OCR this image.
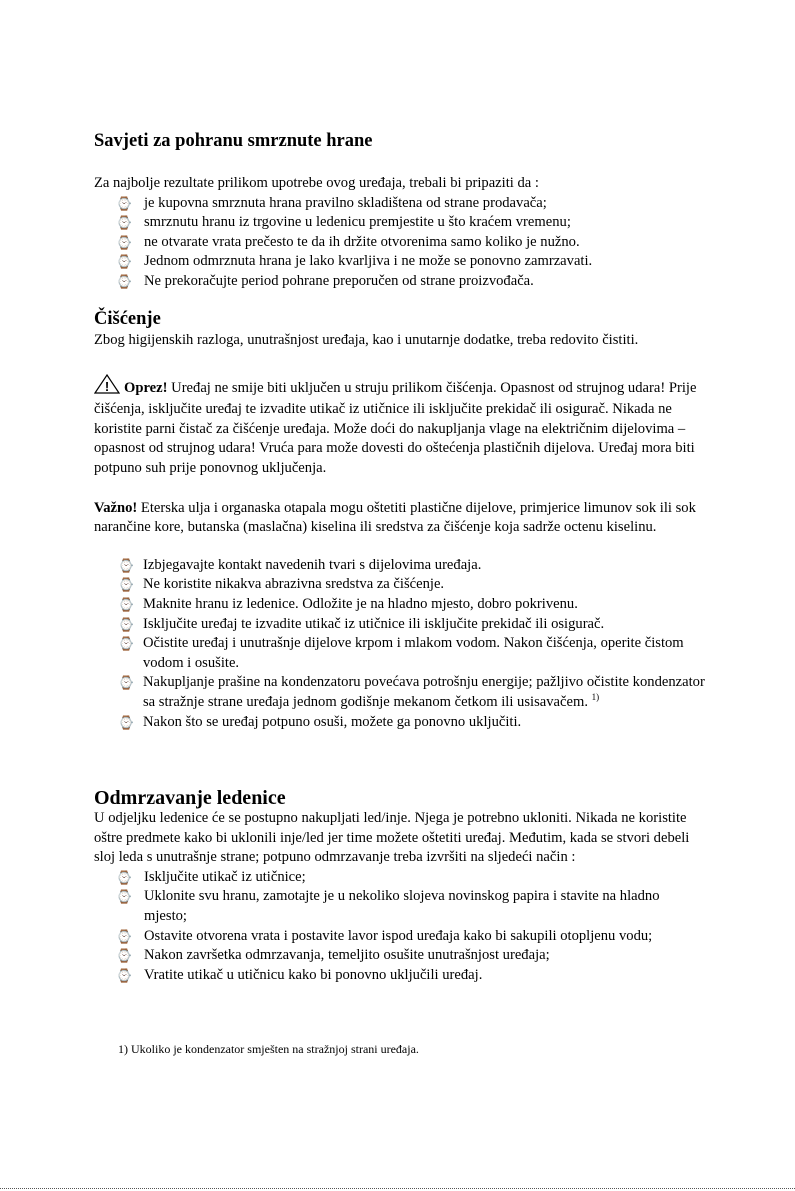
Savjeti za pohranu smrznute hrane

Za najbolje rezultate prilikom upotrebe ovog uređaja, trebali bi pripaziti da :

⌚ je kupovna smrznuta hrana pravilno skladištena od strane prodavača;
⌚ smrznutu hranu iz trgovine u ledenicu premjestite u što kraćem vremenu;
⌚ ne otvarate vrata prečesto te da ih držite otvorenima samo koliko je nužno.
⌚ Jednom odmrznuta hrana je lako kvarljiva i ne može se ponovno zamrzavati.
⌚ Ne prekoračujte period pohrane preporučen od strane proizvođača.
Čišćenje

Zbog higijenskih razloga, unutrašnjost uređaja, kao i unutarnje dodatke, treba redovito čistiti.

! Oprez! Uređaj ne smije biti uključen u struju prilikom čišćenja. Opasnost od strujnog udara! Prije čišćenja, isključite uređaj te izvadite utikač iz utičnice ili isključite prekidač ili osigurač. Nikada ne koristite parni čistač za čišćenje uređaja. Može doći do nakupljanja vlage na električnim dijelovima – opasnost od strujnog udara! Vruća para može dovesti do oštećenja plastičnih dijelova. Uređaj mora biti potpuno suh prije ponovnog uključenja.

Važno! Eterska ulja i organaska otapala mogu oštetiti plastične dijelove, primjerice limunov sok ili sok narančine kore, butanska (maslačna) kiselina ili sredstva za čišćenje koja sadrže octenu kiselinu.

⌚ Izbjegavajte kontakt navedenih tvari s dijelovima uređaja.
⌚ Ne koristite nikakva abrazivna sredstva za čišćenje.
⌚ Maknite hranu iz ledenice. Odložite je na hladno mjesto, dobro pokrivenu.
⌚ Isključite uređaj te izvadite utikač iz utičnice ili isključite prekidač ili osigurač.
⌚ Očistite uređaj i unutrašnje dijelove krpom i mlakom vodom. Nakon čišćenja, operite čistom vodom i osušite.
⌚ Nakupljanje prašine na kondenzatoru povećava potrošnju energije; pažljivo očistite kondenzator sa stražnje strane uređaja jednom godišnje mekanom četkom ili usisavačem. $^{1)}$
⌚ Nakon što se uređaj potpuno osuši, možete ga ponovno uključiti.
Odmrzavanje ledenice

U odjeljku ledenice će se postupno nakupljati led/inje. Njega je potrebno ukloniti. Nikada ne koristite oštre predmete kako bi uklonili inje/led jer time možete oštetiti uređaj. Međutim, kada se stvori debeli sloj leda s unutrašnje strane; potpuno odmrzavanje treba izvršiti na sljedeći način :

⌚ Isključite utikač iz utičnice;
⌚ Uklonite svu hranu, zamotajte je u nekoliko slojeva novinskog papira i stavite na hladno mjesto;
⌚ Ostavite otvorena vrata i postavite lavor ispod uređaja kako bi sakupili otopljenu vodu;
⌚ Nakon završetka odmrzavanja, temeljito osušite unutrašnjost uređaja;
⌚ Vratite utikač u utičnicu kako bi ponovno uključili uređaj.
1) Ukoliko je kondenzator smješten na stražnjoj strani uređaja.
